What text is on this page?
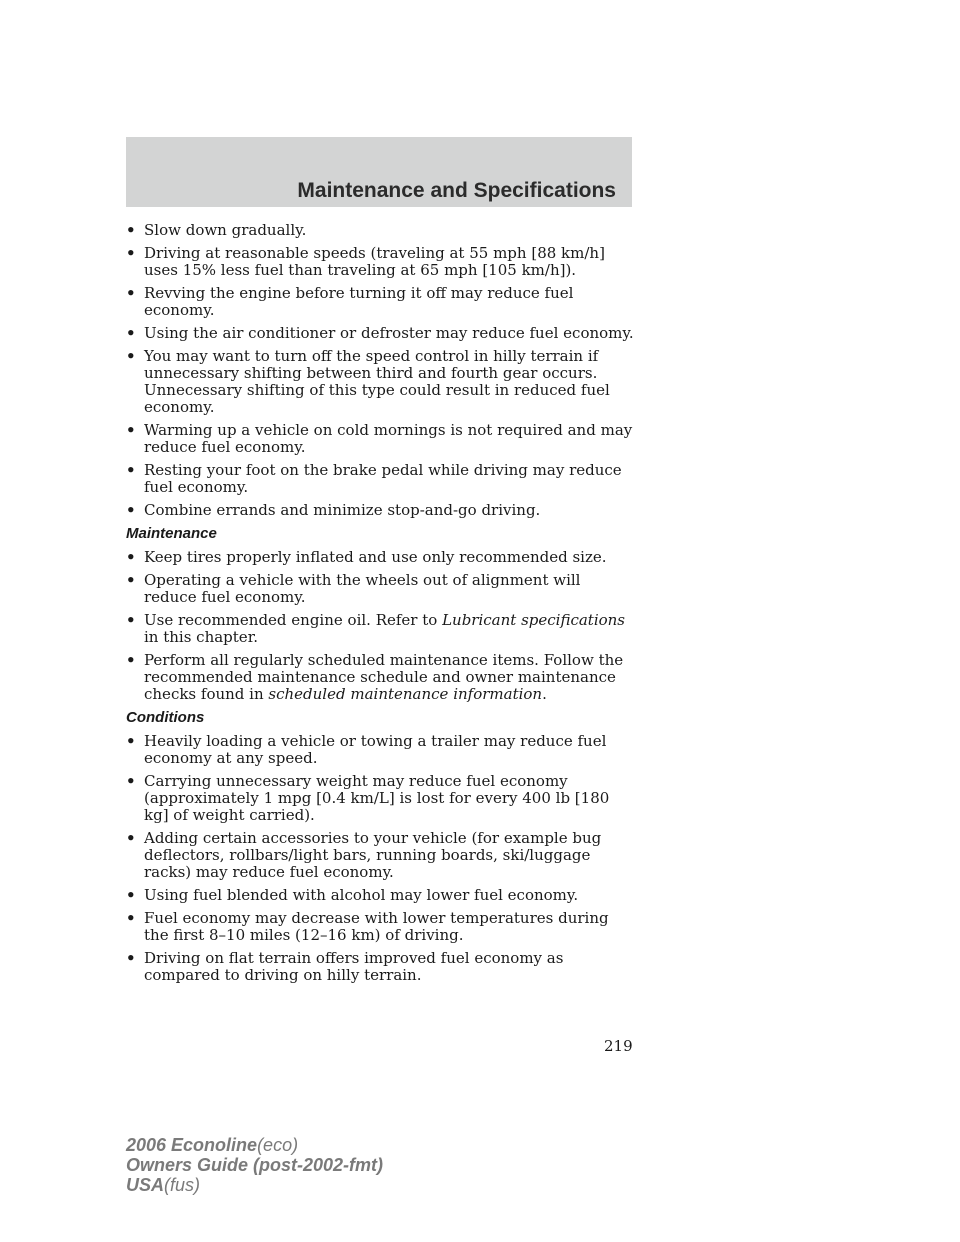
Maintenance and Specifications
• Slow down gradually.
• Driving at reasonable speeds (traveling at 55 mph [88 km/h] uses 15% less fuel than traveling at 65 mph [105 km/h]).
• Revving the engine before turning it off may reduce fuel economy.
• Using the air conditioner or defroster may reduce fuel economy.
• You may want to turn off the speed control in hilly terrain if unnecessary shifting between third and fourth gear occurs. Unnecessary shifting of this type could result in reduced fuel economy.
• Warming up a vehicle on cold mornings is not required and may reduce fuel economy.
• Resting your foot on the brake pedal while driving may reduce fuel economy.
• Combine errands and minimize stop-and-go driving.
Maintenance
• Keep tires properly inflated and use only recommended size.
• Operating a vehicle with the wheels out of alignment will reduce fuel economy.
• Use recommended engine oil. Refer to Lubricant specifications in this chapter.
• Perform all regularly scheduled maintenance items. Follow the recommended maintenance schedule and owner maintenance checks found in scheduled maintenance information.
Conditions
• Heavily loading a vehicle or towing a trailer may reduce fuel economy at any speed.
• Carrying unnecessary weight may reduce fuel economy (approximately 1 mpg [0.4 km/L] is lost for every 400 lb [180 kg] of weight carried).
• Adding certain accessories to your vehicle (for example bug deflectors, rollbars/light bars, running boards, ski/luggage racks) may reduce fuel economy.
• Using fuel blended with alcohol may lower fuel economy.
• Fuel economy may decrease with lower temperatures during the first 8–10 miles (12–16 km) of driving.
• Driving on flat terrain offers improved fuel economy as compared to driving on hilly terrain.
219
2006 Econoline(eco)
Owners Guide (post-2002-fmt)
USA(fus)
